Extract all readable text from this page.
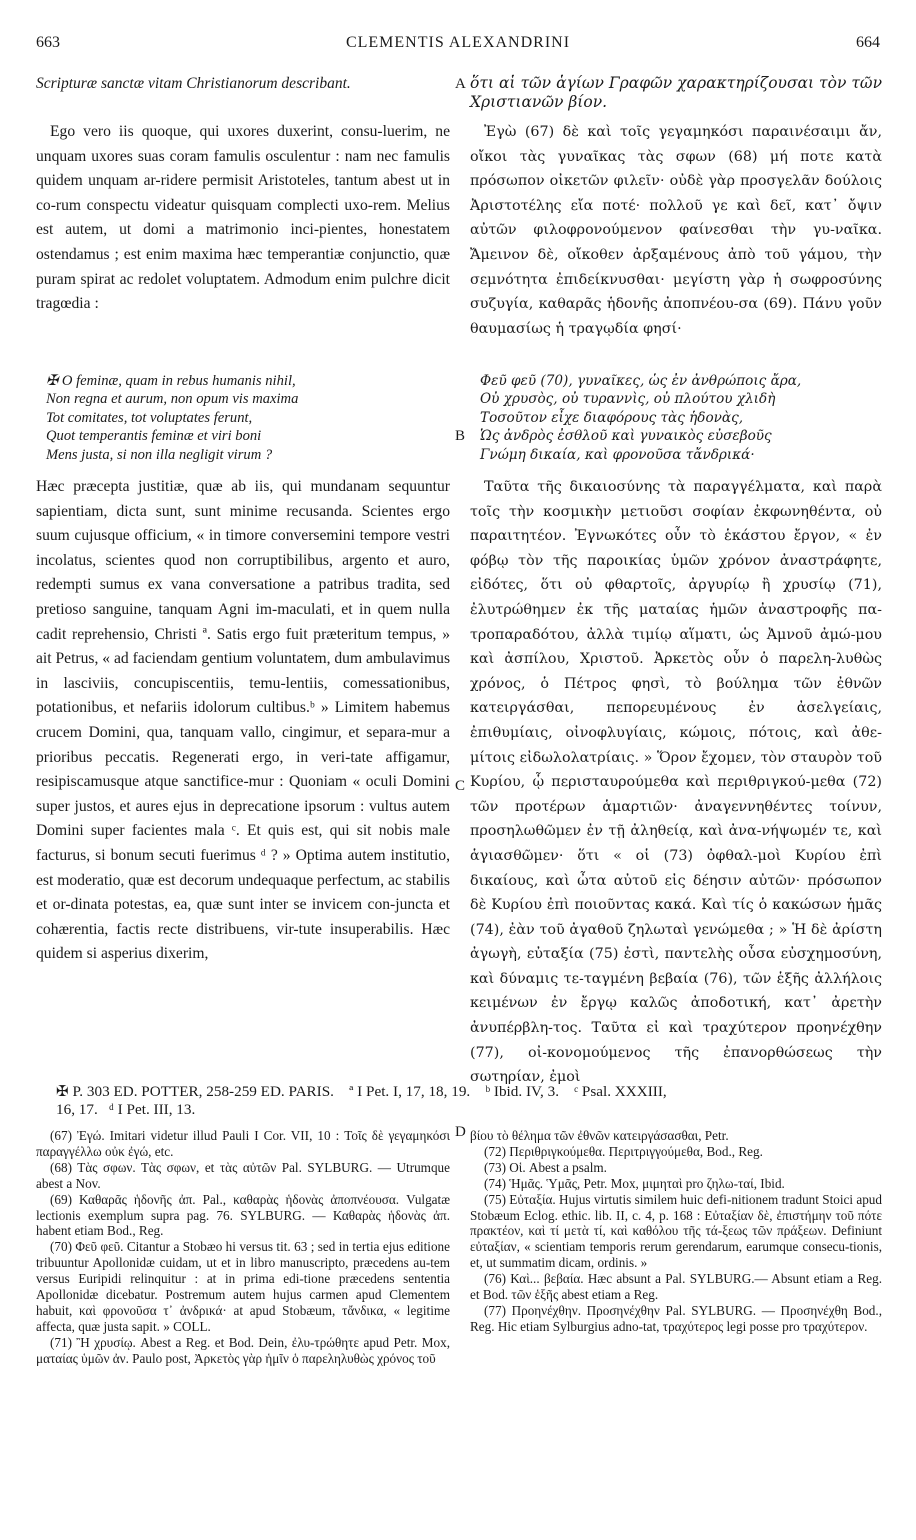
663	CLEMENTIS ALEXANDRINI	664
Scripturæ sanctæ vitam Christianorum describant.
Ego vero iis quoque, qui uxores duxerint, consu-luerim, ne unquam uxores suas coram famulis osculentur : nam nec famulis quidem unquam ar-ridere permisit Aristoteles, tantum abest ut in co-rum conspectu videatur quisquam complecti uxo-rem. Melius est autem, ut domi a matrimonio inci-pientes, honestatem ostendamus ; est enim maxima hæc temperantiæ conjunctio, quæ puram spirat ac redolet voluptatem. Admodum enim pulchre dicit tragœdia :

✠ O feminæ, quam in rebus humanis nihil,

Non regna et aurum, non opum vis maxima

Tot comitates, tot voluptates ferunt,

Quot temperantis feminæ et viri boni

Mens justa, si non illa negligit virum ?

Hæc præcepta justitiæ, quæ ab iis, qui mundanam sequuntur sapientiam, dicta sunt, sunt minime recusanda. Scientes ergo suum cujusque officium, « in timore conversemini tempore vestri incolatus, scientes quod non corruptibilibus, argento et auro, redempti sumus ex vana conversatione a patribus tradita, sed pretioso sanguine, tanquam Agni im-maculati, et in quem nulla cadit reprehensio, Christi ª. Satis ergo fuit præteritum tempus, » ait Petrus, « ad faciendam gentium voluntatem, dum ambulavimus in lasciviis, concupiscentiis, temu-lentiis, comessationibus, potationibus, et nefariis idolorum cultibus.ᵇ » Limitem habemus crucem Domini, qua, tanquam vallo, cingimur, et separa-mur a prioribus peccatis. Regenerati ergo, in veri-tate affigamur, resipiscamusque atque sanctifice-mur : Quoniam « oculi Domini super justos, et aures ejus in deprecatione ipsorum : vultus autem Domini super facientes mala ᶜ. Et quis est, qui sit nobis male facturus, si bonum secuti fuerimus ᵈ ? » Optima autem institutio, est moderatio, quæ est decorum undequaque perfectum, ac stabilis et or-dinata potestas, ea, quæ sunt inter se invicem con-juncta et cohærentia, factis recte distribuens, vir-tute insuperabilis. Hæc quidem si asperius dixerim,
A
B
C
D
ὅτι αἱ τῶν ἁγίων Γραφῶν χαρακτηρίζουσαι τὸν τῶν Χριστιανῶν βίον.
Ἐγὼ (67) δὲ καὶ τοῖς γεγαμηκόσι παραινέσαιμι ἄν, οἴκοι τὰς γυναῖκας τὰς σφων (68) μή ποτε κατὰ πρόσωπον οἰκετῶν φιλεῖν· οὐδὲ γὰρ προσγελᾶν δούλοις Ἀριστοτέλης εἴα ποτέ· πολλοῦ γε καὶ δεῖ, κατ᾽ ὄψιν αὐτῶν φιλοφρονούμενον φαίνεσθαι τὴν γυ-ναῖκα. Ἄμεινον δὲ, οἴκοθεν ἀρξαμένους ἀπὸ τοῦ γάμου, τὴν σεμνότητα ἐπιδείκνυσθαι· μεγίστη γὰρ ἡ σωφροσύνης συζυγία, καθαρᾶς ἡδονῆς ἀποπνέου-σα (69). Πάνυ γοῦν θαυμασίως ἡ τραγῳδία φησί·

Φεῦ φεῦ (70), γυναῖκες, ὡς ἐν ἀνθρώποις ἄρα,

Οὐ χρυσὸς, οὐ τυραννὶς, οὐ πλούτου χλιδὴ

Τοσοῦτον εἶχε διαφόρους τὰς ἡδονὰς,

Ὡς ἀνδρὸς ἐσθλοῦ καὶ γυναικὸς εὐσεβοῦς

Γνώμη δικαία, καὶ φρονοῦσα τἄνδρικά·

Ταῦτα τῆς δικαιοσύνης τὰ παραγγέλματα, καὶ παρὰ τοῖς τὴν κοσμικὴν μετιοῦσι σοφίαν ἐκφωνηθέντα, οὐ παραιτητέον. Ἐγνωκότες οὖν τὸ ἑκάστου ἔργον, « ἐν φόβῳ τὸν τῆς παροικίας ὑμῶν χρόνον ἀναστράφητε, εἰδότες, ὅτι οὐ φθαρτοῖς, ἀργυρίῳ ἢ χρυσίῳ (71), ἐλυτρώθημεν ἐκ τῆς ματαίας ἡμῶν ἀναστροφῆς πα-τροπαραδότου, ἀλλὰ τιμίῳ αἵματι, ὡς Ἀμνοῦ ἀμώ-μου καὶ ἀσπίλου, Χριστοῦ. Ἀρκετὸς οὖν ὁ παρελη-λυθὼς χρόνος, ὁ Πέτρος φησὶ, τὸ βούλημα τῶν ἐθνῶν κατειργάσθαι, πεπορευμένους ἐν ἀσελγείαις, ἐπιθυμίαις, οἰνοφλυγίαις, κώμοις, πότοις, καὶ ἀθε-μίτοις εἰδωλολατρίαις. » Ὅρον ἔχομεν, τὸν σταυρὸν τοῦ Κυρίου, ᾧ περισταυρούμεθα καὶ περιθριγκού-μεθα (72) τῶν προτέρων ἁμαρτιῶν· ἀναγεννηθέντες τοίνυν, προσηλωθῶμεν ἐν τῇ ἀληθείᾳ, καὶ ἀνα-νήψωμέν τε, καὶ ἁγιασθῶμεν· ὅτι « οἱ (73) ὀφθαλ-μοὶ Κυρίου ἐπὶ δικαίους, καὶ ὦτα αὐτοῦ εἰς δέησιν αὐτῶν· πρόσωπον δὲ Κυρίου ἐπὶ ποιοῦντας κακά. Καὶ τίς ὁ κακώσων ἡμᾶς (74), ἐὰν τοῦ ἀγαθοῦ ζηλωταὶ γενώμεθα ; » Ἡ δὲ ἀρίστη ἀγωγὴ, εὐταξία (75) ἐστὶ, παντελὴς οὖσα εὐσχημοσύνη, καὶ δύναμις τε-ταγμένη βεβαία (76), τῶν ἑξῆς ἀλλήλοις κειμένων ἐν ἔργῳ καλῶς ἀποδοτική, κατ᾽ ἀρετὴν ἀνυπέρβλη-τος. Ταῦτα εἰ καὶ τραχύτερον προηνέχθην (77), οἰ-κονομούμενος τῆς ἐπανορθώσεως τὴν σωτηρίαν, ἐμοὶ
✠ P. 303 ED. POTTER, 258-259 ED. PARIS. ª I Pet. I, 17, 18, 19. ᵇ Ibid. IV, 3. ᶜ Psal. XXXIII,
16, 17. ᵈ I Pet. III, 13.
(67) Ἐγώ. Imitari videtur illud Pauli I Cor. VII, 10 : Τοῖς δὲ γεγαμηκόσι παραγγέλλω οὐκ ἐγώ, etc.
(68) Τὰς σφων. Τὰς σφων, et τὰς αὐτῶν Pal. SYLBURG. — Utrumque abest a Nov.
(69) Καθαρᾶς ἡδονῆς ἀπ. Pal., καθαρὰς ἡδονὰς ἀποπνέουσα. Vulgatæ lectionis exemplum supra pag. 76. SYLBURG. — Καθαρὰς ἡδονὰς ἀπ. habent etiam Bod., Reg.
(70) Φεῦ φεῦ. Citantur a Stobæo hi versus tit. 63 ; sed in tertia ejus editione tribuuntur Apollonidæ cuidam, ut et in libro manuscripto, præcedens au-tem versus Euripidi relinquitur : at in prima edi-tione præcedens sententia Apollonidæ dicebatur. Postremum autem hujus carmen apud Clementem habuit, καὶ φρονοῦσα τ᾽ ἀνδρικά· at apud Stobæum, τἄνδικα, « legitime affecta, quæ justa sapit. » COLL.
(71) Ἢ χρυσίῳ. Abest a Reg. et Bod. Dein, ἐλυ-τρώθητε apud Petr. Mox, ματαίας ὑμῶν ἀν. Paulo post, Ἀρκετὸς γὰρ ἡμῖν ὁ παρεληλυθὼς χρόνος τοῦ
βίου τὸ θέλημα τῶν ἐθνῶν κατειργάσασθαι, Petr.
(72) Περιθριγκούμεθα. Περιτριγγούμεθα, Bod., Reg.
(73) Οἱ. Abest a psalm.
(74) Ἡμᾶς. Ὑμᾶς, Petr. Mox, μιμηταὶ pro ζηλω-ταί, Ibid.
(75) Εὐταξία. Hujus virtutis similem huic defi-nitionem tradunt Stoici apud Stobæum Eclog. ethic. lib. II, c. 4, p. 168 : Εὐταξίαν δὲ, ἐπιστήμην τοῦ πότε πρακτέον, καὶ τί μετὰ τί, καὶ καθόλου τῆς τά-ξεως τῶν πράξεων. Definiunt εὐταξίαν, « scientiam temporis rerum gerendarum, earumque consecu-tionis, et, ut summatim dicam, ordinis. »
(76) Καὶ... βεβαία. Hæc absunt a Pal. SYLBURG.— Absunt etiam a Reg. et Bod. τῶν ἑξῆς abest etiam a Reg.
(77) Προηνέχθην. Προσηνέχθην Pal. SYLBURG. — Προσηνέχθη Bod., Reg. Hic etiam Sylburgius adno-tat, τραχύτερος legi posse pro τραχύτερον.
